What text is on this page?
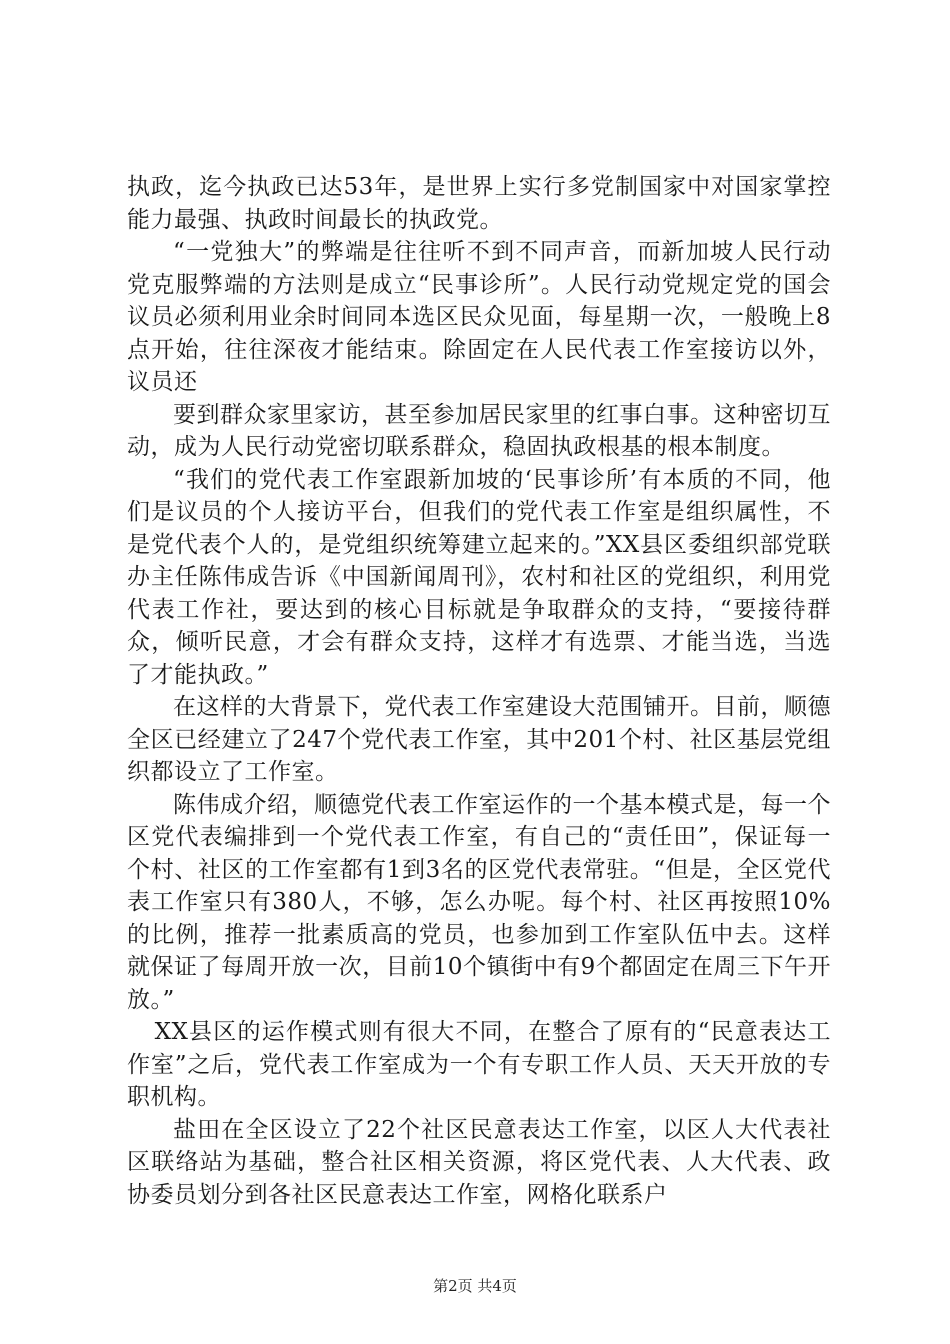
执政，迄今执政已达53年，是世界上实行多党制国家中对国家掌控能力最强、执政时间最长的执政党。

“一党独大”的弊端是往往听不到不同声音，而新加坡人民行动党克服弊端的方法则是成立“民事诊所”。人民行动党规定党的国会议员必须利用业余时间同本选区民众见面，每星期一次，一般晚上8点开始，往往深夜才能结束。除固定在人民代表工作室接访以外，议员还

要到群众家里家访，甚至参加居民家里的红事白事。这种密切互动，成为人民行动党密切联系群众，稳固执政根基的根本制度。

“我们的党代表工作室跟新加坡的‘民事诊所’有本质的不同，他们是议员的个人接访平台，但我们的党代表工作室是组织属性，不是党代表个人的，是党组织统筹建立起来的。”XX县区委组织部党联办主任陈伟成告诉《中国新闻周刊》，农村和社区的党组织，利用党代表工作社，要达到的核心目标就是争取群众的支持，“要接待群众，倾听民意，才会有群众支持，这样才有选票、才能当选，当选了才能执政。”

在这样的大背景下，党代表工作室建设大范围铺开。目前，顺德全区已经建立了247个党代表工作室，其中201个村、社区基层党组织都设立了工作室。

陈伟成介绍，顺德党代表工作室运作的一个基本模式是，每一个区党代表编排到一个党代表工作室，有自己的“责任田”，保证每一个村、社区的工作室都有1到3名的区党代表常驻。“但是，全区党代表工作室只有380人，不够，怎么办呢。每个村、社区再按照10%的比例，推荐一批素质高的党员，也参加到工作室队伍中去。这样就保证了每周开放一次，目前10个镇街中有9个都固定在周三下午开放。”

XX县区的运作模式则有很大不同，在整合了原有的“民意表达工作室”之后，党代表工作室成为一个有专职工作人员、天天开放的专职机构。

盐田在全区设立了22个社区民意表达工作室，以区人大代表社区联络站为基础，整合社区相关资源，将区党代表、人大代表、政协委员划分到各社区民意表达工作室，网格化联系户

第2页 共4页
